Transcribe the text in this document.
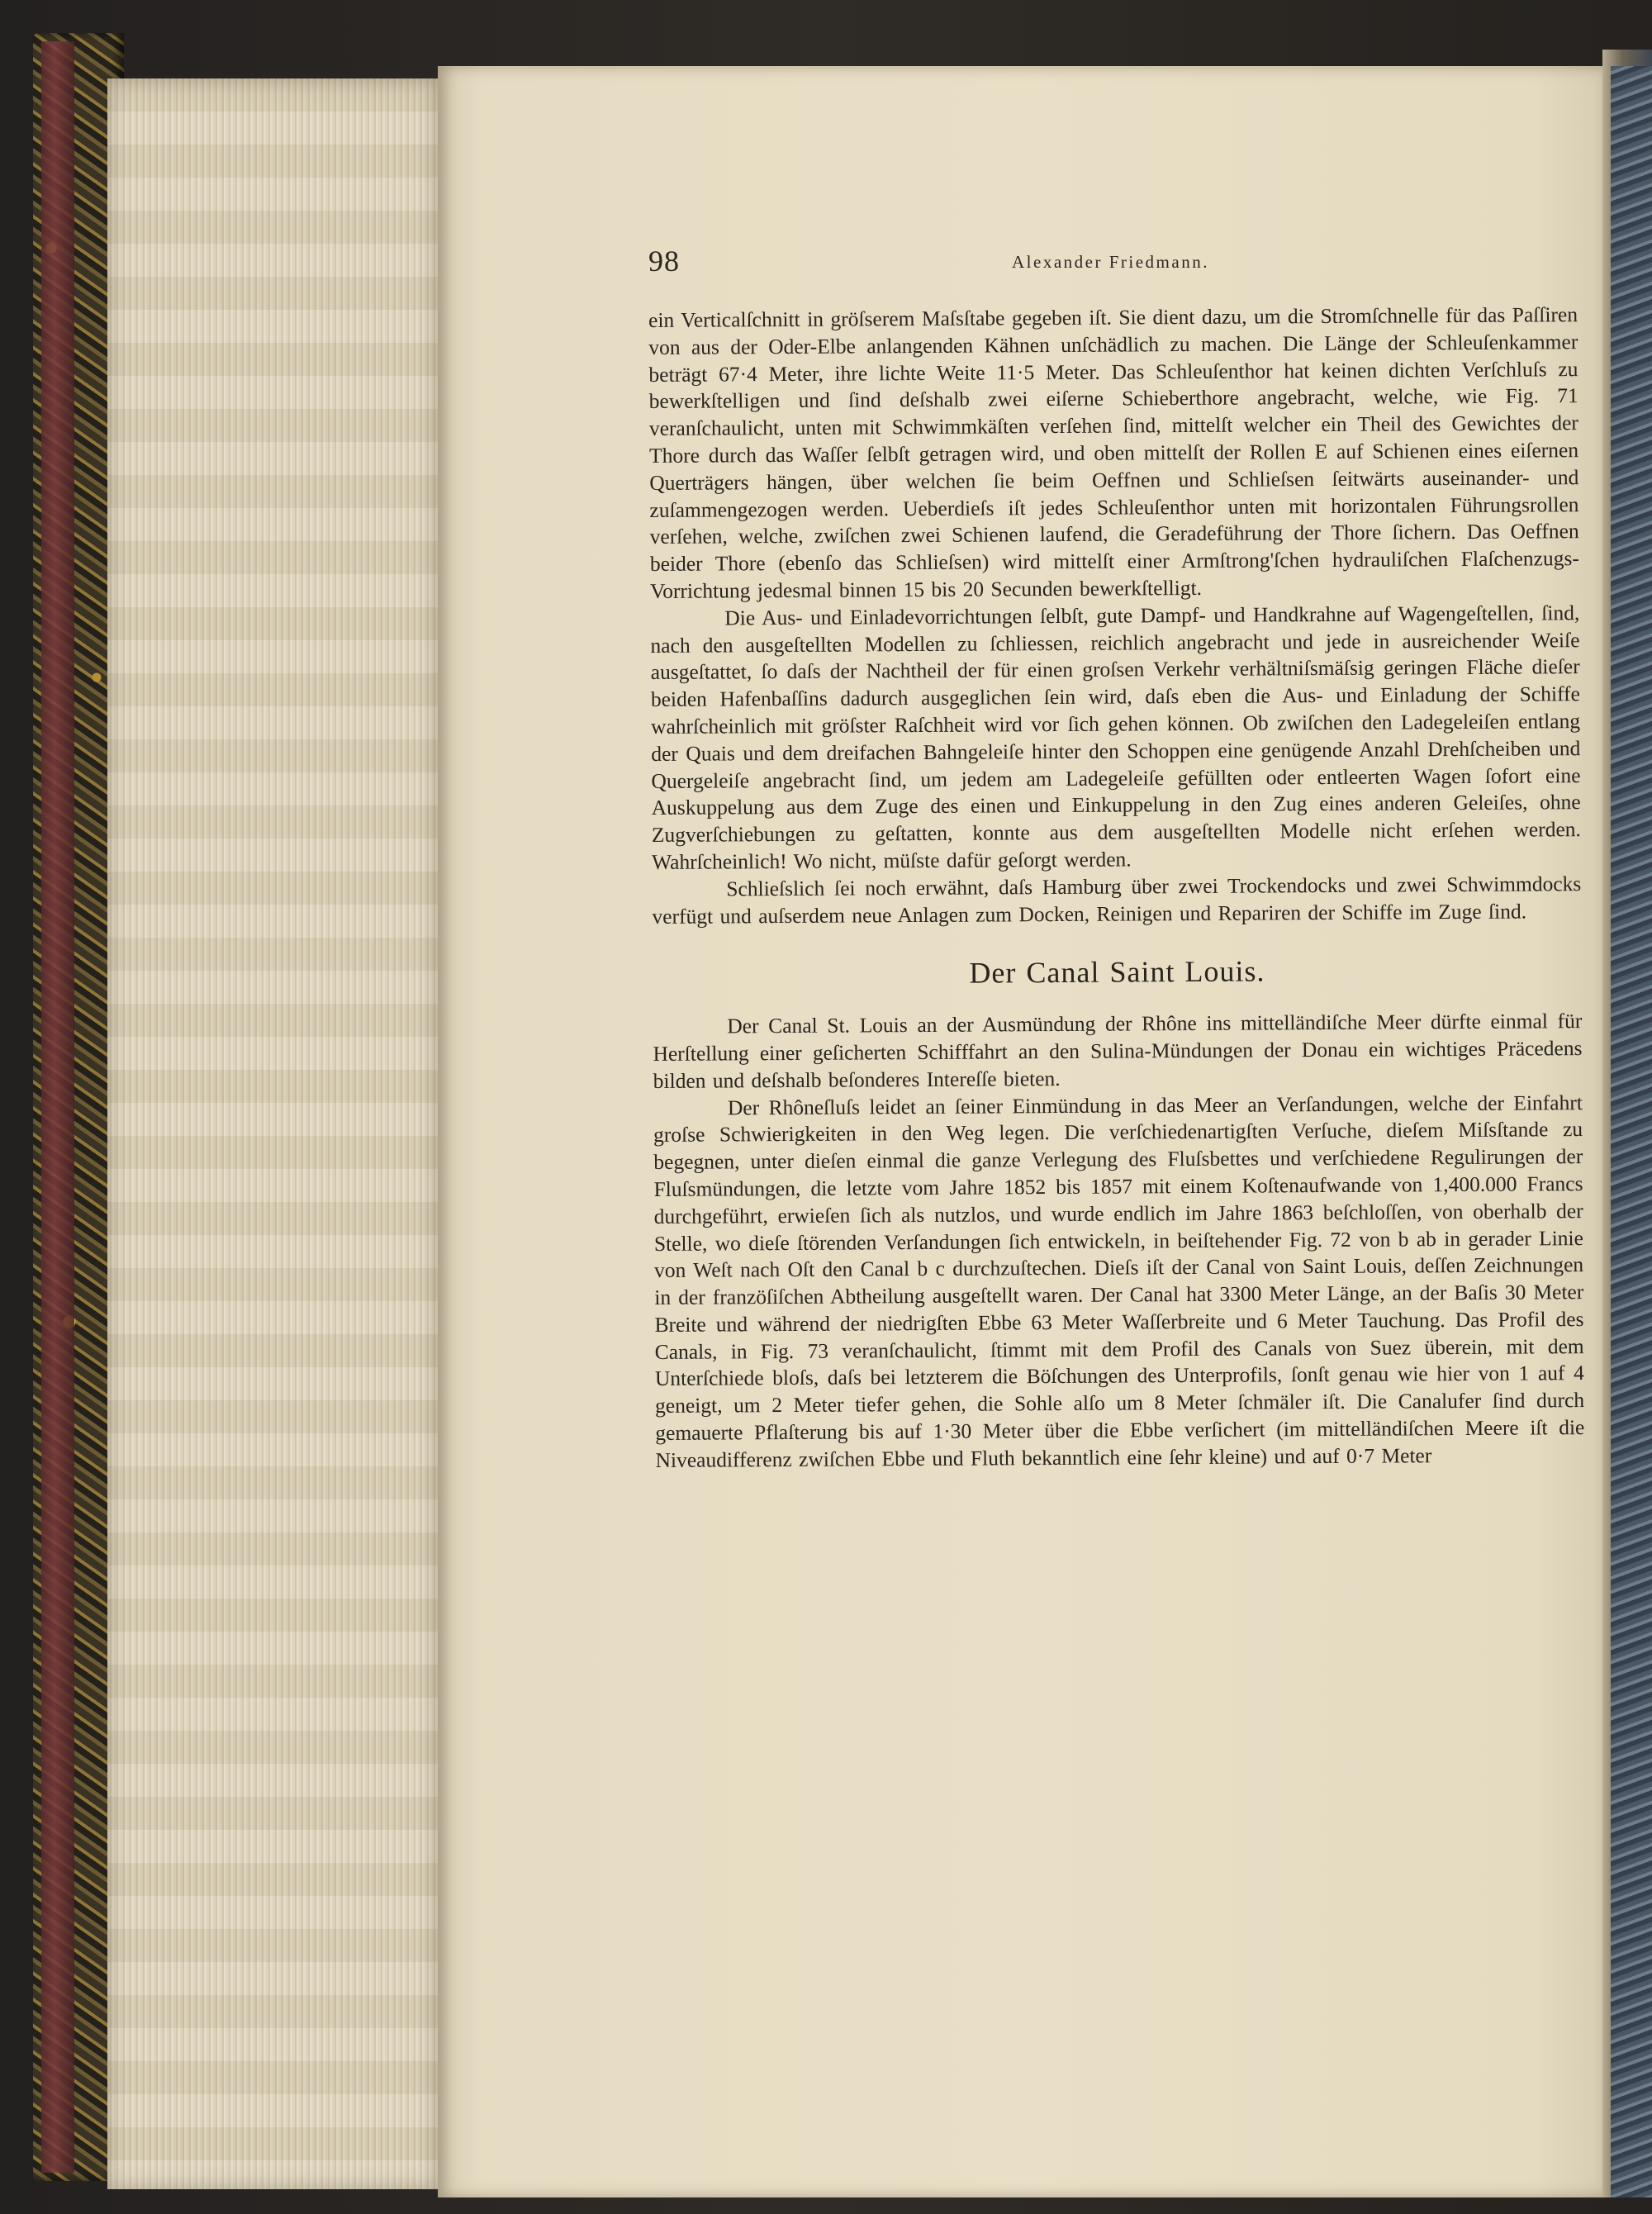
98	Alexander Friedmann.

ein Verticalſchnitt in gröſserem Maſsſtabe gegeben iſt. Sie dient dazu, um die Stromſchnelle für das Paſſiren von aus der Oder-Elbe anlangenden Kähnen unſchädlich zu machen. Die Länge der Schleuſenkammer beträgt 67·4 Meter, ihre lichte Weite 11·5 Meter. Das Schleuſenthor hat keinen dichten Verſchluſs zu bewerkſtelligen und ſind deſshalb zwei eiſerne Schieberthore angebracht, welche, wie Fig. 71 veranſchaulicht, unten mit Schwimmkäſten verſehen ſind, mittelſt welcher ein Theil des Gewichtes der Thore durch das Waſſer ſelbſt getragen wird, und oben mittelſt der Rollen E auf Schienen eines eiſernen Querträgers hängen, über welchen ſie beim Oeffnen und Schlieſsen ſeitwärts auseinander- und zuſammengezogen werden. Ueberdieſs iſt jedes Schleuſenthor unten mit horizontalen Führungsrollen verſehen, welche, zwiſchen zwei Schienen laufend, die Geradeführung der Thore ſichern. Das Oeffnen beider Thore (ebenſo das Schlieſsen) wird mittelſt einer Armſtrong'ſchen hydrauliſchen Flaſchenzugs-Vorrichtung jedesmal binnen 15 bis 20 Secunden bewerkſtelligt.

Die Aus- und Einladevorrichtungen ſelbſt, gute Dampf- und Handkrahne auf Wagengeſtellen, ſind, nach den ausgeſtellten Modellen zu ſchliessen, reichlich angebracht und jede in ausreichender Weiſe ausgeſtattet, ſo daſs der Nachtheil der für einen groſsen Verkehr verhältniſsmäſsig geringen Fläche dieſer beiden Hafenbaſſins dadurch ausgeglichen ſein wird, daſs eben die Aus- und Einladung der Schiffe wahrſcheinlich mit gröſster Raſchheit wird vor ſich gehen können. Ob zwiſchen den Ladegeleiſen entlang der Quais und dem dreifachen Bahngeleiſe hinter den Schoppen eine genügende Anzahl Drehſcheiben und Quergeleiſe angebracht ſind, um jedem am Ladegeleiſe gefüllten oder entleerten Wagen ſofort eine Auskuppelung aus dem Zuge des einen und Einkuppelung in den Zug eines anderen Geleiſes, ohne Zugverſchiebungen zu geſtatten, konnte aus dem ausgeſtellten Modelle nicht erſehen werden. Wahrſcheinlich! Wo nicht, müſste dafür geſorgt werden.

Schlieſslich ſei noch erwähnt, daſs Hamburg über zwei Trockendocks und zwei Schwimmdocks verfügt und auſserdem neue Anlagen zum Docken, Reinigen und Repariren der Schiffe im Zuge ſind.

Der Canal Saint Louis.

Der Canal St. Louis an der Ausmündung der Rhône ins mittelländiſche Meer dürfte einmal für Herſtellung einer geſicherten Schifffahrt an den Sulina-Mündungen der Donau ein wichtiges Präcedens bilden und deſshalb beſonderes Intereſſe bieten.

Der Rhôneſluſs leidet an ſeiner Einmündung in das Meer an Verſandungen, welche der Einfahrt groſse Schwierigkeiten in den Weg legen. Die verſchiedenartigſten Verſuche, dieſem Miſsſtande zu begegnen, unter dieſen einmal die ganze Verlegung des Fluſsbettes und verſchiedene Regulirungen der Fluſsmündungen, die letzte vom Jahre 1852 bis 1857 mit einem Koſtenaufwande von 1,400.000 Francs durchgeführt, erwieſen ſich als nutzlos, und wurde endlich im Jahre 1863 beſchloſſen, von oberhalb der Stelle, wo dieſe ſtörenden Verſandungen ſich entwickeln, in beiſtehender Fig. 72 von b ab in gerader Linie von Weſt nach Oſt den Canal b c durchzuſtechen. Dieſs iſt der Canal von Saint Louis, deſſen Zeichnungen in der franzöſiſchen Abtheilung ausgeſtellt waren. Der Canal hat 3300 Meter Länge, an der Baſis 30 Meter Breite und während der niedrigſten Ebbe 63 Meter Waſſerbreite und 6 Meter Tauchung. Das Profil des Canals, in Fig. 73 veranſchaulicht, ſtimmt mit dem Profil des Canals von Suez überein, mit dem Unterſchiede bloſs, daſs bei letzterem die Böſchungen des Unterprofils, ſonſt genau wie hier von 1 auf 4 geneigt, um 2 Meter tiefer gehen, die Sohle alſo um 8 Meter ſchmäler iſt. Die Canalufer ſind durch gemauerte Pflaſterung bis auf 1·30 Meter über die Ebbe verſichert (im mittelländiſchen Meere iſt die Niveaudifferenz zwiſchen Ebbe und Fluth bekanntlich eine ſehr kleine) und auf 0·7 Meter
